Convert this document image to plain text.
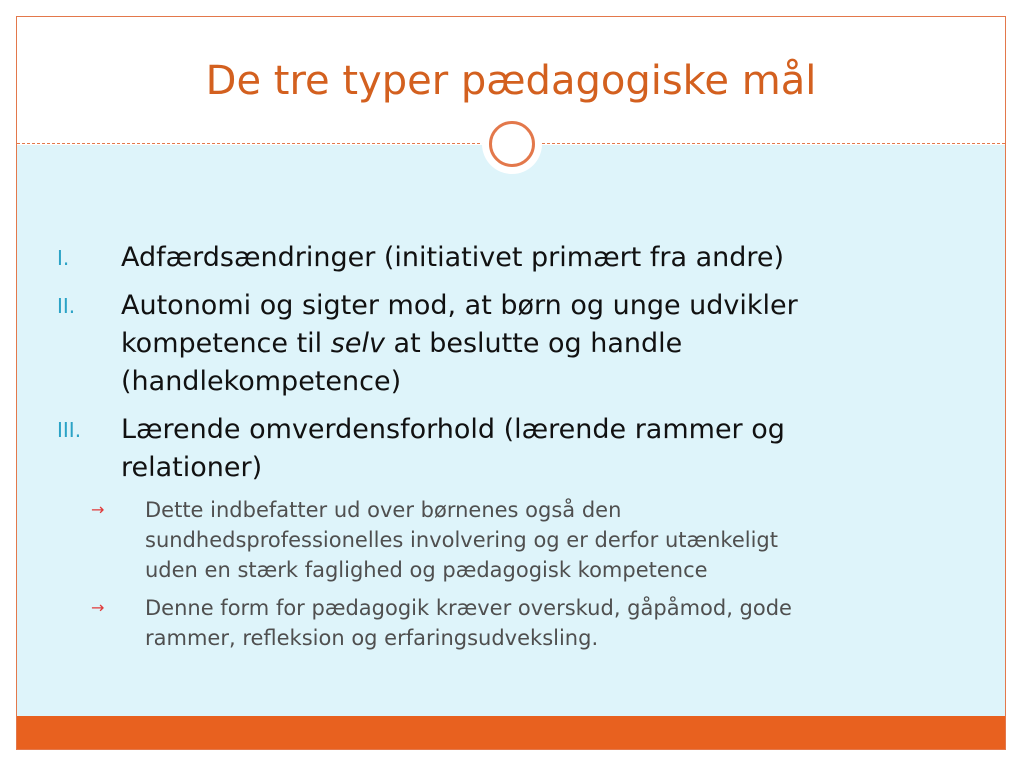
De tre typer pædagogiske mål
I. Adfærdsændringer (initiativet primært fra andre)
II. Autonomi og sigter mod, at børn og unge udvikler
kompetence til selv at beslutte og handle
(handlekompetence)
III. Lærende omverdensforhold (lærende rammer og
relationer)
→ Dette indbefatter ud over børnenes også den
sundhedsprofessionelles involvering og er derfor utænkeligt
uden en stærk faglighed og pædagogisk kompetence
→ Denne form for pædagogik kræver overskud, gåpåmod, gode
rammer, refleksion og erfaringsudveksling.
